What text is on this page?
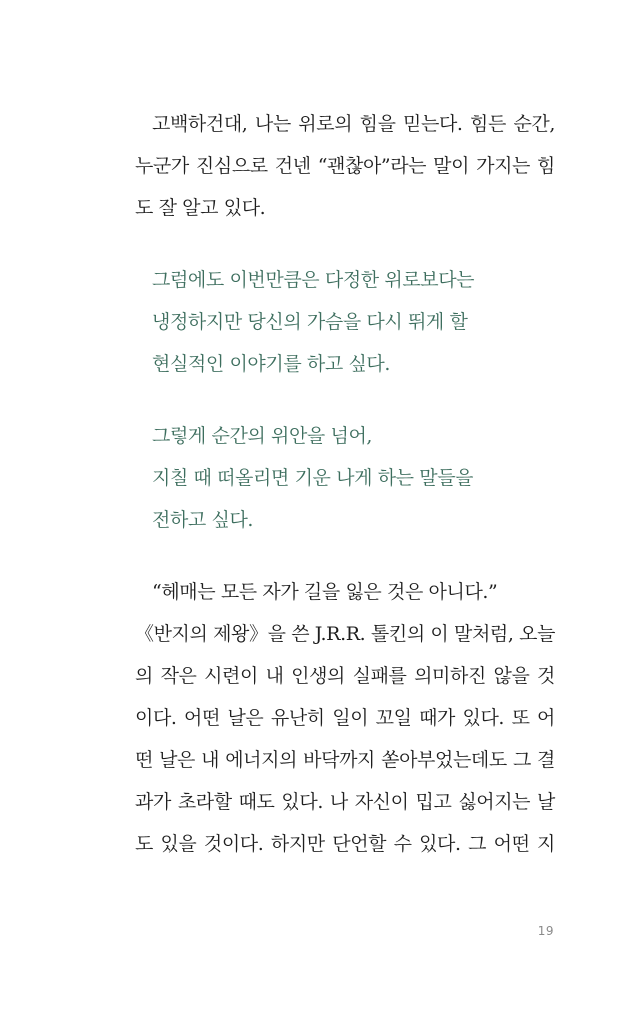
고백하건대, 나는 위로의 힘을 믿는다. 힘든 순간,
누군가 진심으로 건넨 “괜찮아”라는 말이 가지는 힘
도 잘 알고 있다.
그럼에도 이번만큼은 다정한 위로보다는
냉정하지만 당신의 가슴을 다시 뛰게 할
현실적인 이야기를 하고 싶다.
그렇게 순간의 위안을 넘어,
지칠 때 떠올리면 기운 나게 하는 말들을
전하고 싶다.
“헤매는 모든 자가 길을 잃은 것은 아니다.”
《반지의 제왕》을 쓴 J.R.R. 톨킨의 이 말처럼, 오늘
의 작은 시련이 내 인생의 실패를 의미하진 않을 것
이다. 어떤 날은 유난히 일이 꼬일 때가 있다. 또 어
떤 날은 내 에너지의 바닥까지 쏟아부었는데도 그 결
과가 초라할 때도 있다. 나 자신이 밉고 싫어지는 날
도 있을 것이다. 하지만 단언할 수 있다. 그 어떤 지
19
